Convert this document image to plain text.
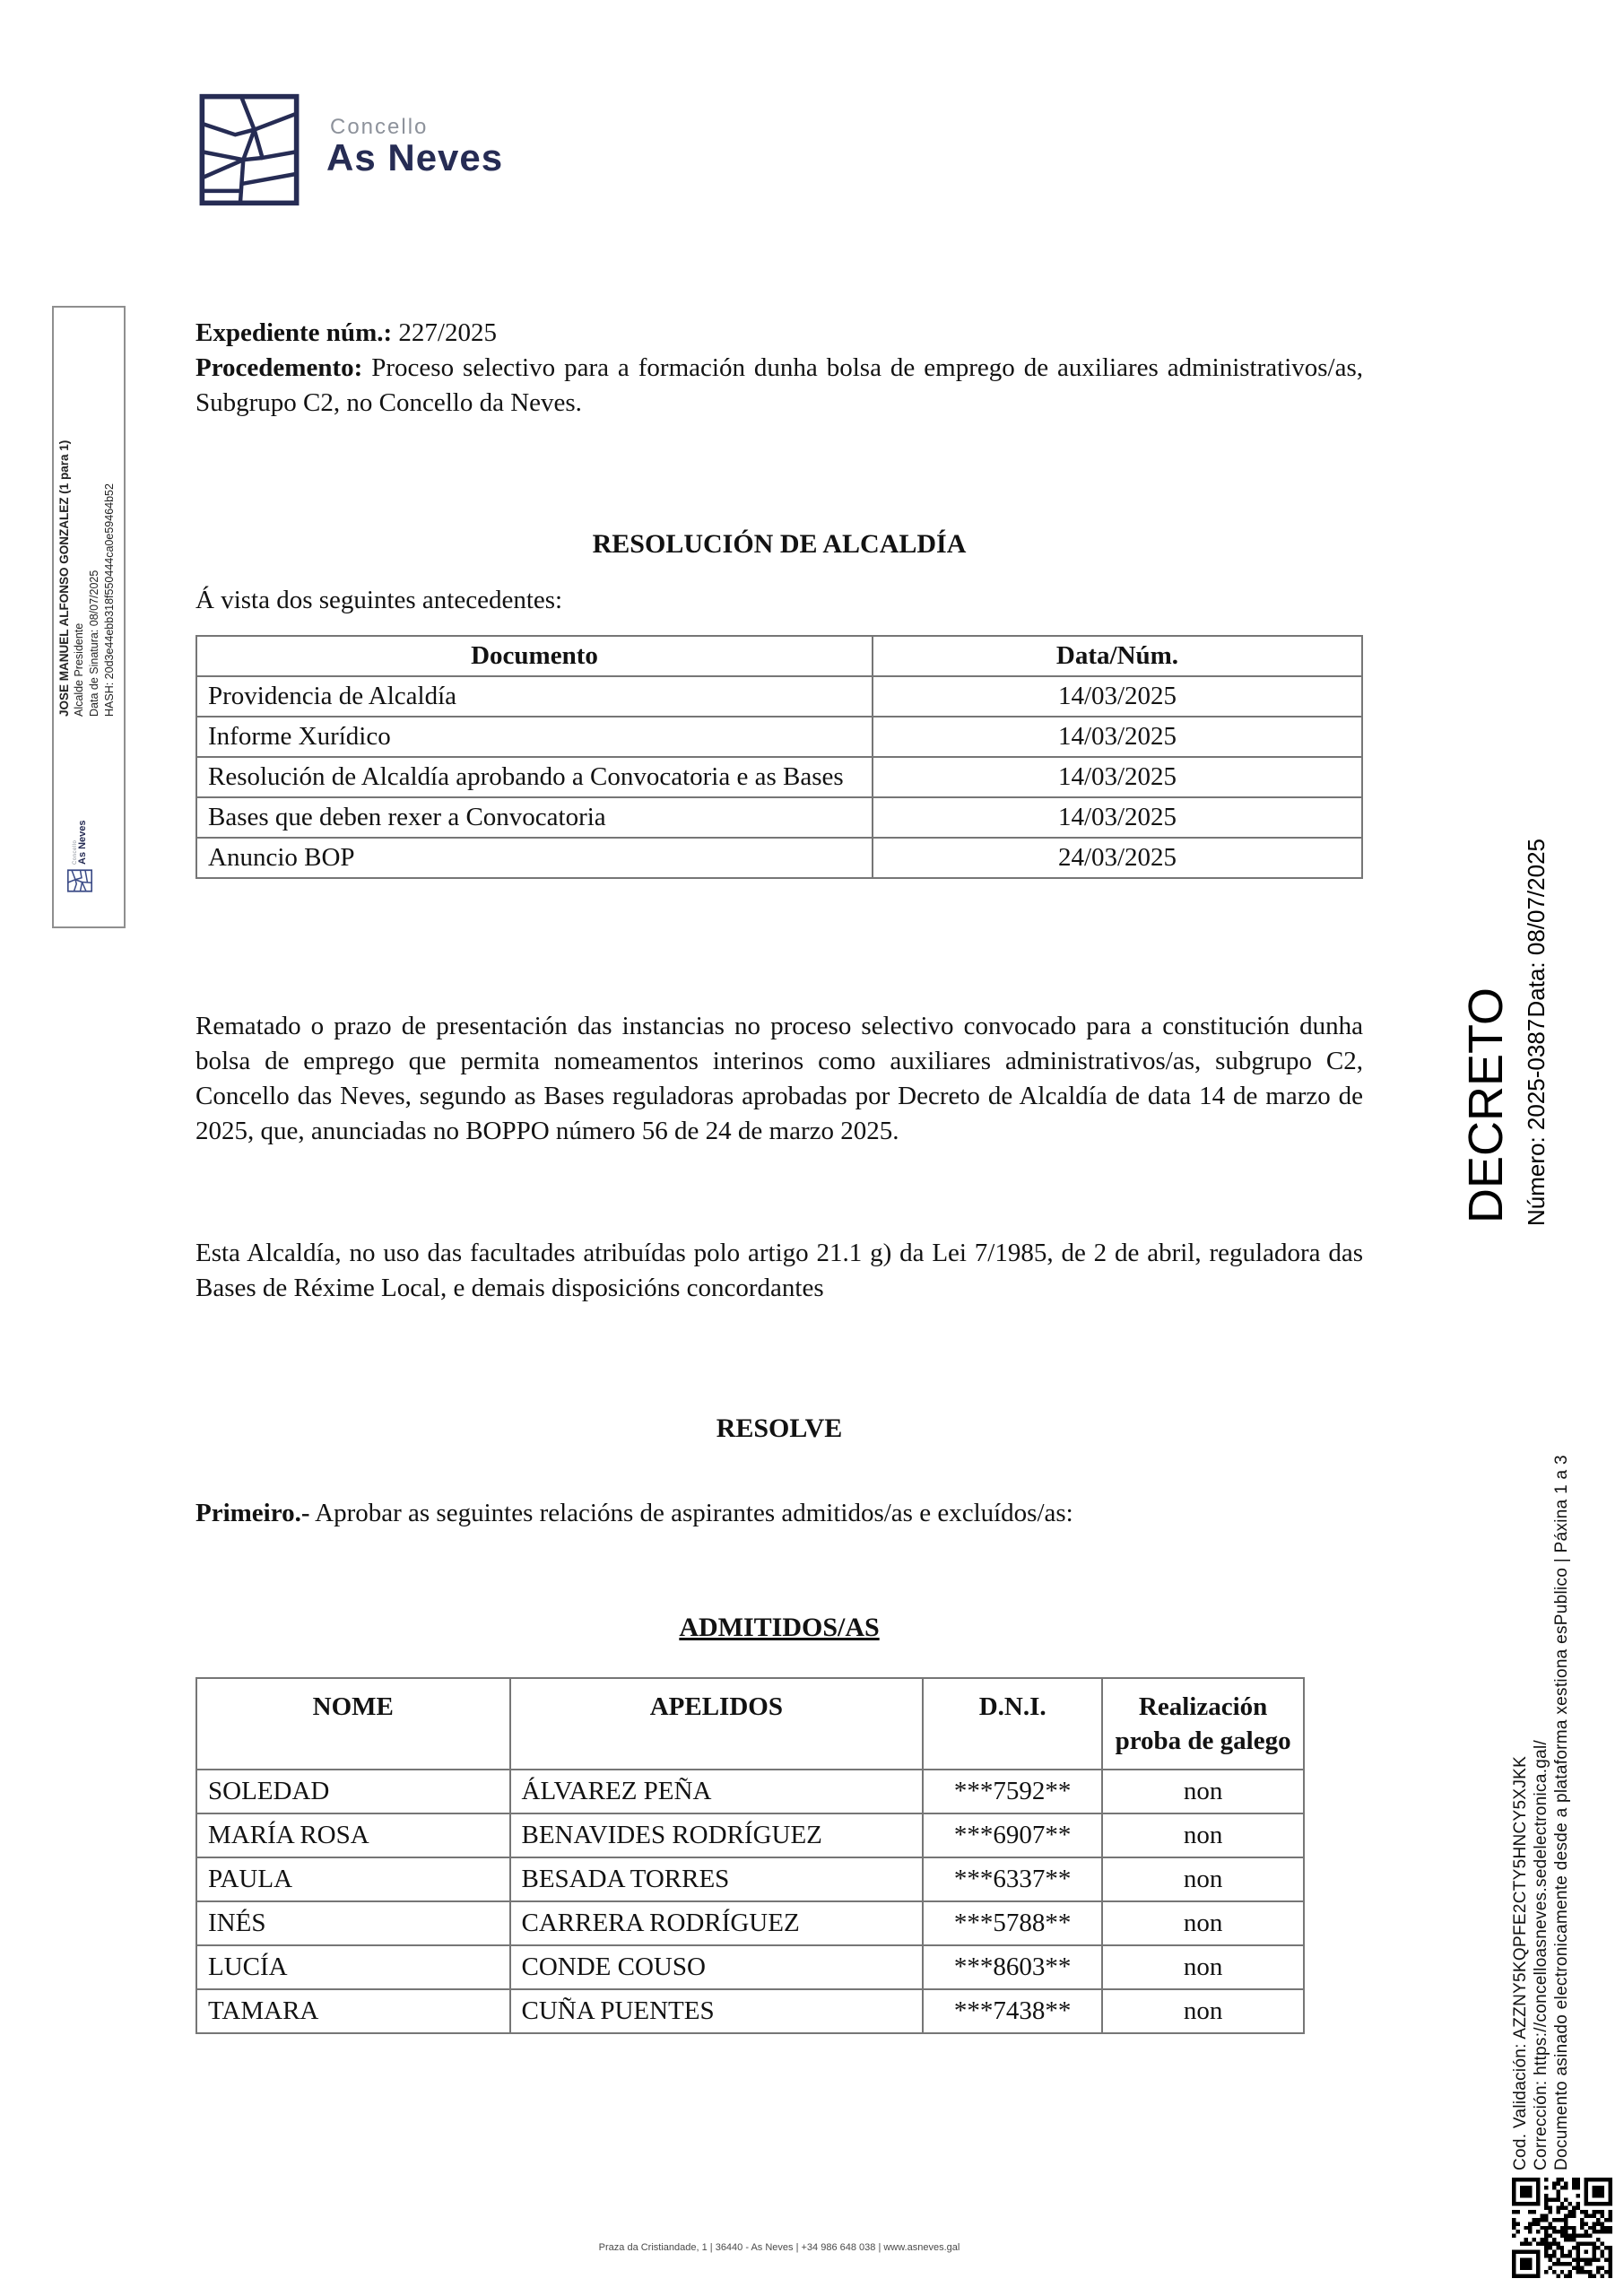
Concello
As Neves
Concello As Neves
JOSE MANUEL ALFONSO GONZALEZ (1 para 1) Alcalde Presidente Data de Sinatura: 08/07/2025 HASH: 20d3e44ebb318f550444ca0e59464b52
Expediente núm.: 227/2025
Procedemento: Proceso selectivo para a formación dunha bolsa de emprego de auxiliares administrativos/as, Subgrupo C2, no Concello da Neves.
RESOLUCIÓN DE ALCALDÍA
Á vista dos seguintes antecedentes:
Documento	Data/Núm.
Providencia de Alcaldía	14/03/2025
Informe Xurídico	14/03/2025
Resolución de Alcaldía aprobando a Convocatoria e as Bases	14/03/2025
Bases que deben rexer a Convocatoria	14/03/2025
Anuncio BOP	24/03/2025
Rematado o prazo de presentación das instancias no proceso selectivo convocado para a constitución dunha bolsa de emprego que permita nomeamentos interinos como auxiliares administrativos/as, subgrupo C2, Concello das Neves, segundo as Bases reguladoras aprobadas por Decreto de Alcaldía de data 14 de marzo de 2025, que, anunciadas no BOPPO número 56 de 24 de marzo 2025.
Esta Alcaldía, no uso das facultades atribuídas polo artigo 21.1 g) da Lei 7/1985, de 2 de abril, reguladora das Bases de Réxime Local, e demais disposicións concordantes
RESOLVE
Primeiro.- Aprobar as seguintes relacións de aspirantes admitidos/as e excluídos/as:
ADMITIDOS/AS
NOME	APELIDOS	D.N.I.	Realización proba de galego
SOLEDAD	ÁLVAREZ PEÑA	***7592**	non
MARÍA ROSA	BENAVIDES RODRÍGUEZ	***6907**	non
PAULA	BESADA TORRES	***6337**	non
INÉS	CARRERA RODRÍGUEZ	***5788**	non
LUCÍA	CONDE COUSO	***8603**	non
TAMARA	CUÑA PUENTES	***7438**	non
DECRETO Número: 2025-0387
Data: 08/07/2025
Cod. Validación: AZZNY5KQPFE2CTY5HNCY5XJKK Corrección: https://concelloasneves.sedelectronica.gal/ Documento asinado electronicamente desde a plataforma xestiona esPublico | Páxina 1 a 3
Praza da Cristiandade, 1 | 36440 - As Neves | +34 986 648 038 | www.asneves.gal
